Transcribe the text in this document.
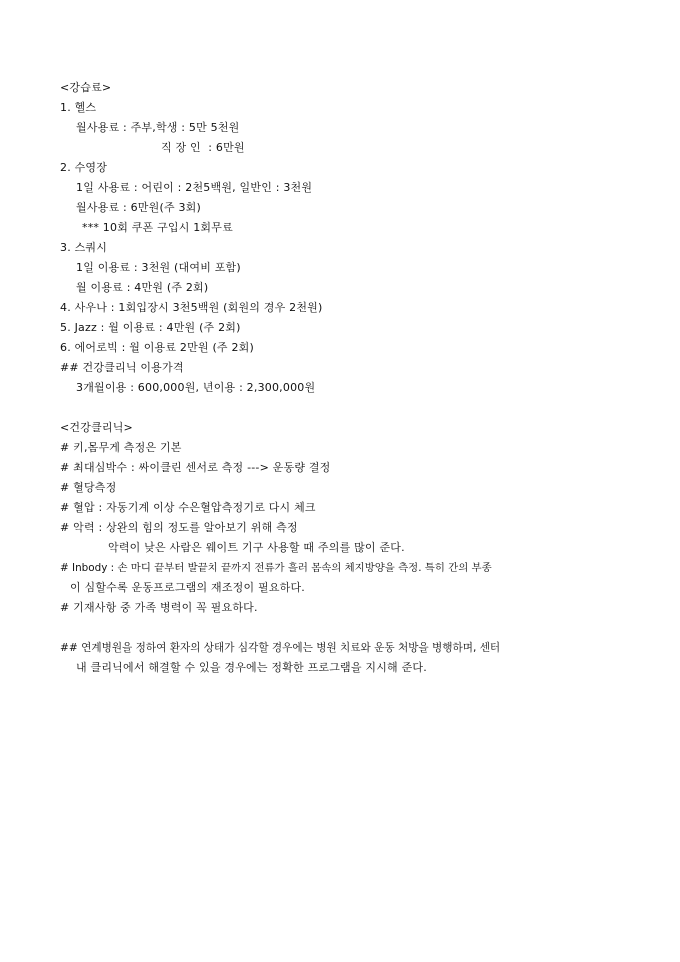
<강습료>
1. 헬스
월사용료 : 주부,학생 : 5만 5천원
직 장 인  : 6만원
2. 수영장
1일 사용료 : 어린이 : 2천5백원, 일반인 : 3천원
월사용료 : 6만원(주 3회)
*** 10회 쿠폰 구입시 1회무료
3. 스쿼시
1일 이용료 : 3천원 (대여비 포함)
월 이용료 : 4만원 (주 2회)
4. 사우나 : 1회입장시 3천5백원 (회원의 경우 2천원)
5. Jazz : 월 이용료 : 4만원 (주 2회)
6. 에어로빅 : 월 이용료 2만원 (주 2회)
## 건강클리닉 이용가격
3개월이용 : 600,000원, 년이용 : 2,300,000원
<건강클리닉>
# 키,몸무게 측정은 기본
# 최대심박수 : 싸이클린 센서로 측정 ---> 운동량 결정
# 혈당측정
# 혈압 : 자동기계 이상 수은혈압측정기로 다시 체크
# 악력 : 상완의 힘의 정도를 알아보기 위해 측정
악력이 낮은 사람은 웨이트 기구 사용할 때 주의를 많이 준다.
# Inbody : 손 마디 끝부터 발끝치 끝까지 전류가 흘러 몸속의 체지방양을 측정. 특히 간의 부종
이 심할수록 운동프로그램의 재조정이 필요하다.
# 기재사항 중 가족 병력이 꼭 필요하다.
## 연계병원을 정하여 환자의 상태가 심각할 경우에는 병원 치료와 운동 처방을 병행하며, 센터
내 클리닉에서 해결할 수 있을 경우에는 정확한 프로그램을 지시해 준다.
